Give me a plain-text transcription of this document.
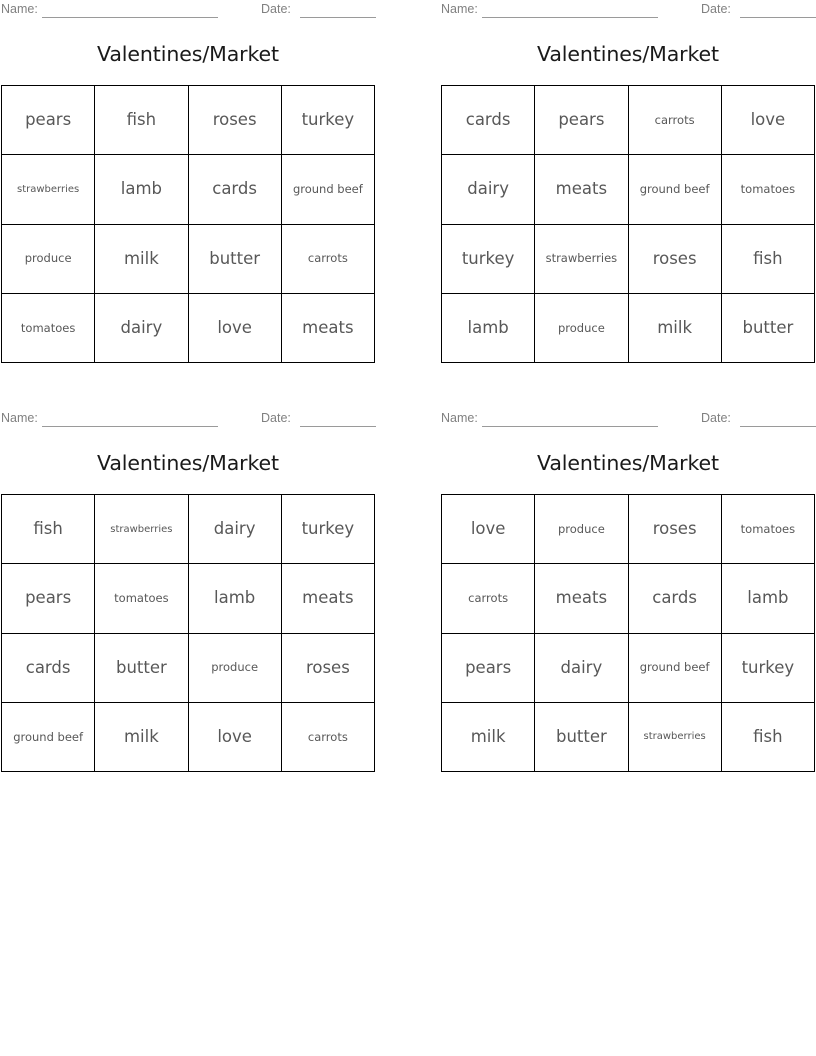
Name:	Date:
Valentines/Market
pears	fish	roses	turkey
strawberries	lamb	cards	ground beef
produce	milk	butter	carrots
tomatoes	dairy	love	meats
Name:	Date:
Valentines/Market
cards	pears	carrots	love
dairy	meats	ground beef	tomatoes
turkey	strawberries	roses	fish
lamb	produce	milk	butter
Name:	Date:
Valentines/Market
fish	strawberries	dairy	turkey
pears	tomatoes	lamb	meats
cards	butter	produce	roses
ground beef	milk	love	carrots
Name:	Date:
Valentines/Market
love	produce	roses	tomatoes
carrots	meats	cards	lamb
pears	dairy	ground beef	turkey
milk	butter	strawberries	fish
